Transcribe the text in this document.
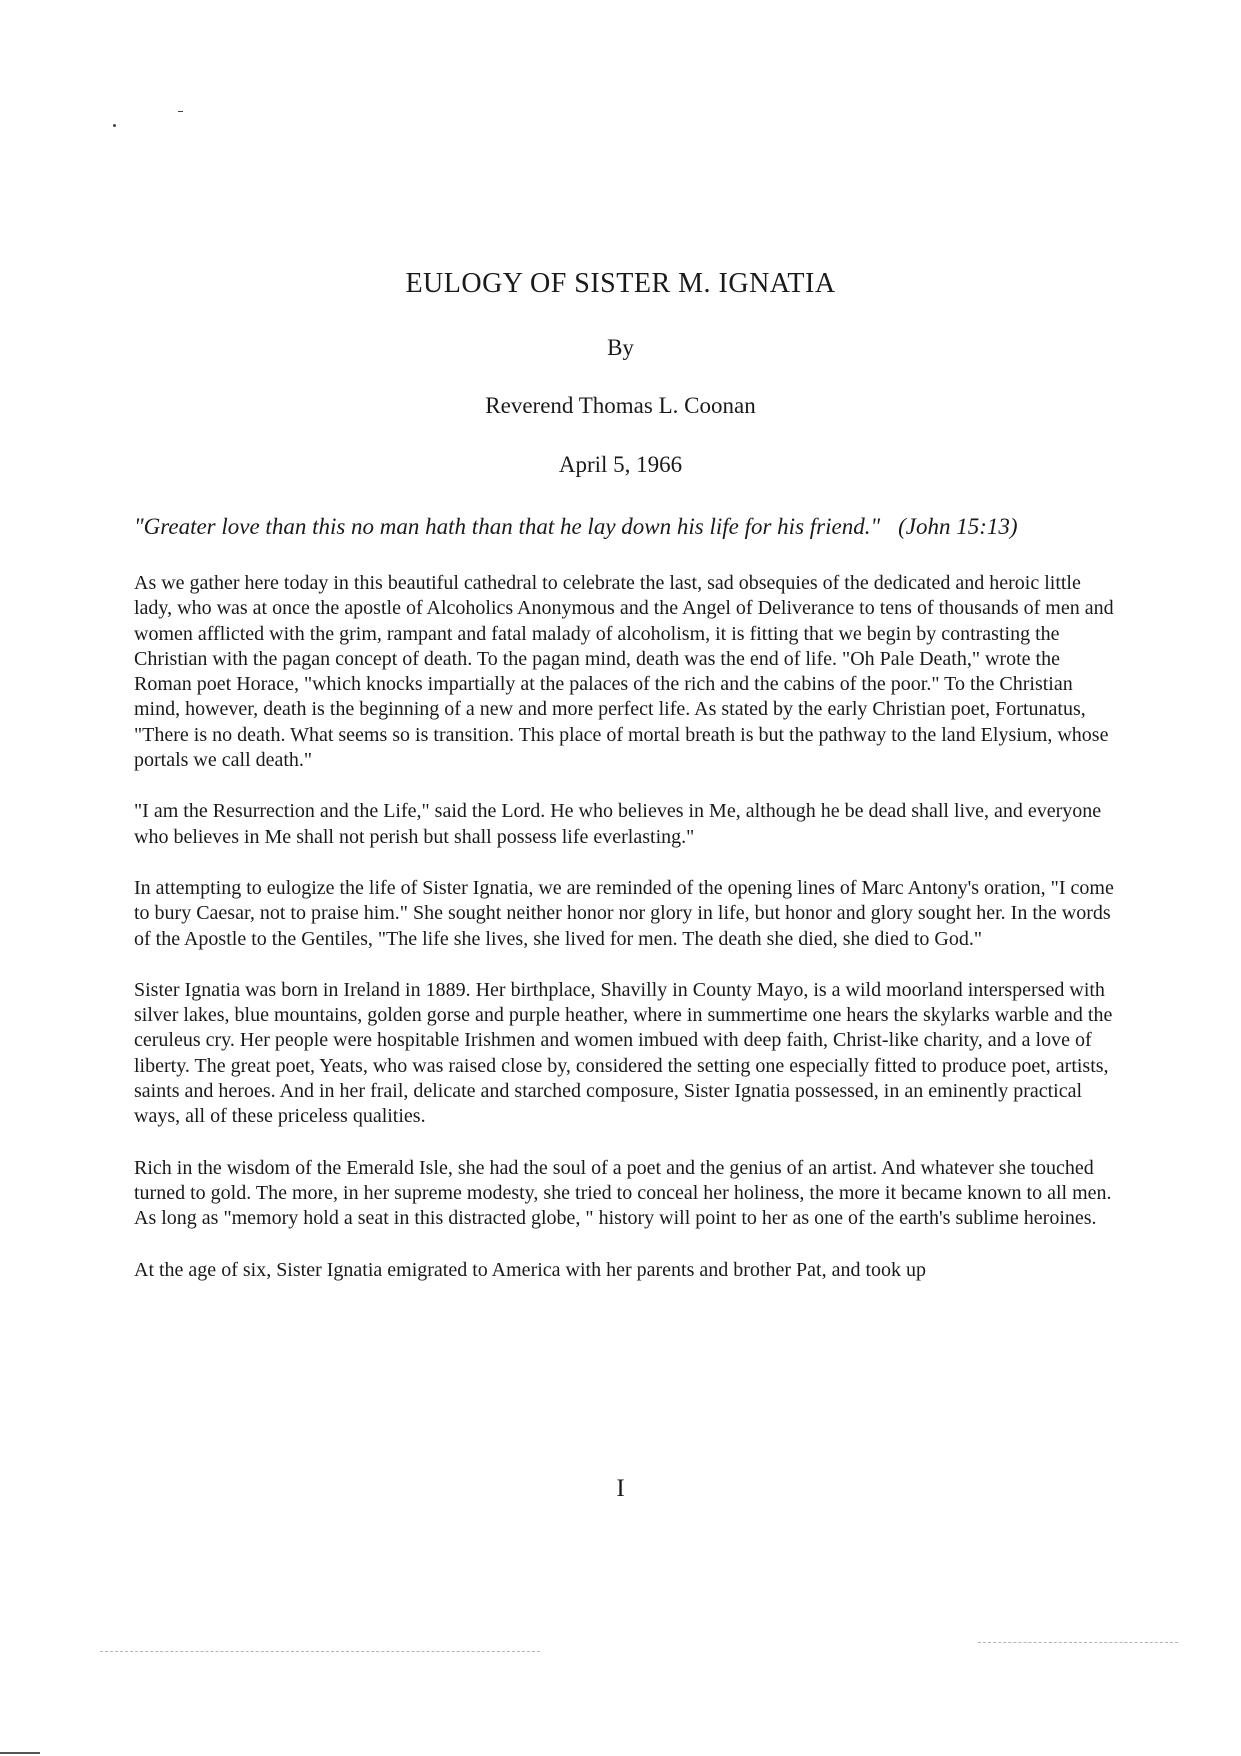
EULOGY OF SISTER M. IGNATIA

By

Reverend Thomas L. Coonan

April 5, 1966

"Greater love than this no man hath than that he lay down his life for his friend." (John 15:13)

As we gather here today in this beautiful cathedral to celebrate the last, sad obsequies of the dedicated and heroic little lady, who was at once the apostle of Alcoholics Anonymous and the Angel of Deliverance to tens of thousands of men and women afflicted with the grim, rampant and fatal malady of alcoholism, it is fitting that we begin by contrasting the Christian with the pagan concept of death. To the pagan mind, death was the end of life. "Oh Pale Death," wrote the Roman poet Horace, "which knocks impartially at the palaces of the rich and the cabins of the poor." To the Christian mind, however, death is the beginning of a new and more perfect life. As stated by the early Christian poet, Fortunatus, "There is no death. What seems so is transition. This place of mortal breath is but the pathway to the land Elysium, whose portals we call death."

"I am the Resurrection and the Life," said the Lord. He who believes in Me, although he be dead shall live, and everyone who believes in Me shall not perish but shall possess life everlasting."

In attempting to eulogize the life of Sister Ignatia, we are reminded of the opening lines of Marc Antony's oration, "I come to bury Caesar, not to praise him." She sought neither honor nor glory in life, but honor and glory sought her. In the words of the Apostle to the Gentiles, "The life she lives, she lived for men. The death she died, she died to God."

Sister Ignatia was born in Ireland in 1889. Her birthplace, Shavilly in County Mayo, is a wild moorland interspersed with silver lakes, blue mountains, golden gorse and purple heather, where in summertime one hears the skylarks warble and the ceruleus cry. Her people were hospitable Irishmen and women imbued with deep faith, Christ-like charity, and a love of liberty. The great poet, Yeats, who was raised close by, considered the setting one especially fitted to produce poet, artists, saints and heroes. And in her frail, delicate and starched composure, Sister Ignatia possessed, in an eminently practical ways, all of these priceless qualities.

Rich in the wisdom of the Emerald Isle, she had the soul of a poet and the genius of an artist. And whatever she touched turned to gold. The more, in her supreme modesty, she tried to conceal her holiness, the more it became known to all men. As long as "memory hold a seat in this distracted globe, " history will point to her as one of the earth's sublime heroines.

At the age of six, Sister Ignatia emigrated to America with her parents and brother Pat, and took up

I
